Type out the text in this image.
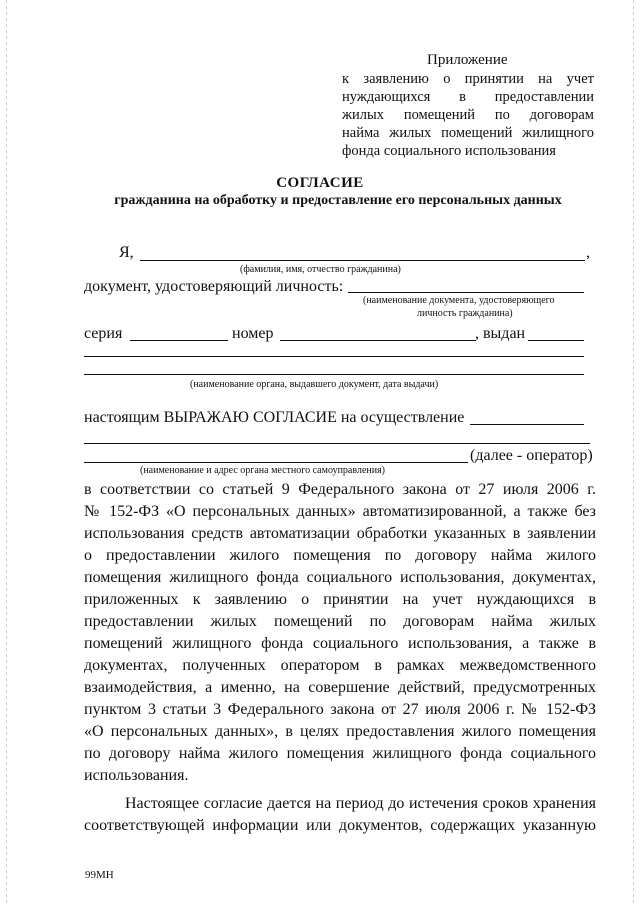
Приложение
к заявлению о принятии на учет
нуждающихся в предоставлении
жилых помещений по договорам
найма жилых помещений жилищного
фонда социального использования
СОГЛАСИЕ
гражданина на обработку и предоставление его персональных данных
Я,	,
(фамилия, имя, отчество гражданина)
документ, удостоверяющий личность:
(наименование документа, удостоверяющего
личность гражданина)
серия	номер	, выдан
(наименование органа, выдавшего документ, дата выдачи)
настоящим ВЫРАЖАЮ СОГЛАСИЕ на осуществление
(далее - оператор)
(наименование и адрес органа местного самоуправления)
в соответствии со статьей 9 Федерального закона от 27 июля 2006 г.
№ 152-ФЗ «О персональных данных» автоматизированной, а также без
использования средств автоматизации обработки указанных в заявлении
о предоставлении жилого помещения по договору найма жилого
помещения жилищного фонда социального использования, документах,
приложенных к заявлению о принятии на учет нуждающихся в
предоставлении жилых помещений по договорам найма жилых
помещений жилищного фонда социального использования, а также в
документах, полученных оператором в рамках межведомственного
взаимодействия, а именно, на совершение действий, предусмотренных
пунктом 3 статьи 3 Федерального закона от 27 июля 2006 г. № 152-ФЗ
«О персональных данных», в целях предоставления жилого помещения
по договору найма жилого помещения жилищного фонда социального
использования.
Настоящее согласие дается на период до истечения сроков хранения
соответствующей информации или документов, содержащих указанную
99МН
